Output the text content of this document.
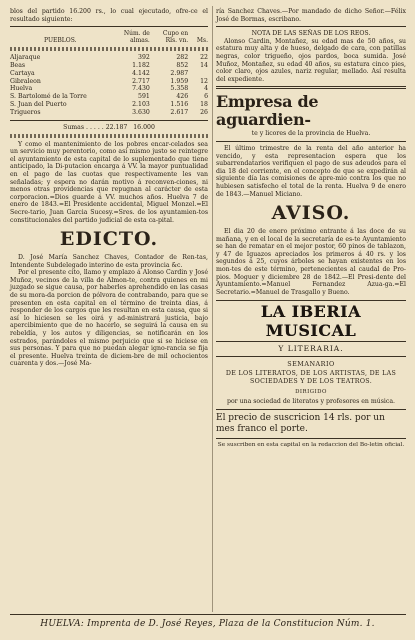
blos del partido 16.200 rs., lo cual ejecutado, ofre-ce el resultado siguiente:

PUEBLOS.	Núm. de
almas.	Cupo en
Rls. vn.	Ms.

Aljaraque	392	282	22
Beas	1.182	852	14
Cartaya	4.142	2.987	
Gibraleon	2.717	1.959	12
Huelva	7.430	5.358	4
S. Bartolomé de la Torre	591	426	6
S. Juan del Puerto	2.103	1.516	18
Trigueros	3.630	2.617	26
Sumas . . . . . 22.187 16.000

Y como el mantenimiento de los pobres encar-celados sea un servicio muy perentorio, como así mismo justo se reintegre el ayuntamiento de esta capital de lo suplementado que tiene anticipado, la Di-putacion encarga á VV. la mayor puntualidad en el pago de las cuotas que respectivamente les van señaladas; y espera no darán motivo á reconven-ciones, ni menos otras providencias que repugnan al carácter de esta corporacion.=Dios guarde á VV. muchos años. Huelva 7 de enero de 1843.=El Presidente accidental, Miguel Monzel.=El Secre-tario, Juan Garcia Sucesy.=Sres. de los ayuntamien-tos constitucionales del partido judicial de esta ca-pital.

EDICTO.

D. José María Sanchez Chaves, Contador de Ren-tas, Intendente Subdelegado interino de esta provincia &c.

Por el presente cito, llamo y emplazo á Alonso Cardin y José Muñoz, vecinos de la villa de Almon-te, contra quienes en mi juzgado se sigue causa, por haberles aprehendido en las casas de su mora-da porcion de pólvora de contrabando, para que se presenten en esta capital en el término de treinta dias, á responder de los cargos que les resultan en esta causa, que si así lo hiciesen se les oirá y ad-ministrará justicia, bajo apercibimiento que de no hacerlo, se seguirá la causa en su rebeldía, y los autos y diligencias, se notificarán en los estrados, parándoles el mismo perjuicio que si se hiciese en sus personas. Y para que no puedan alegar igno-rancia se fija el presente. Huelva treinta de diciem-bre de mil ochocientos cuarenta y dos.—José Ma-

ría Sanchez Chaves.—Por mandado de dicho Señor.—Félix José de Bormas, escribano.

NOTA DE LAS SEÑAS DE LOS REOS.

Alonso Cardin, Montañez, su edad mas de 50 años, su estatura muy alta y de hueso, delgado de cara, con patillas negras, color trigueño, ojos pardos, boca sumida. José Muñoz, Montañez, su edad 40 años, su estatura cinco pies, color claro, ojos azules, nariz regular, mellado. Así resulta del expediente.

Empresa de aguardien-

te y licores de la provincia de Huelva.

El último trimestre de la renta del año anterior ha vencido, y esta representacion espera que los subarrendatarios verifiquen el pago de sus adeudos para el dia 18 del corriente, en el concepto de que se expedirán al siguiente día las comisiones de apre-mio contra los que no hubiesen satisfecho el total de la renta. Huelva 9 de enero de 1843.—Manuel Miciano.

AVISO.

El dia 20 de enero próximo entrante á las doce de su mañana, y en el local de la secretaría de es-te Ayuntamiento se han de rematar en el mejor postor, 60 pinos de tablazon, y 47 de Iguazos apreciados los primeros á 40 rs. y los segundos á 25, cuyos árboles se hayan existentes en los mon-tes de este término, pertenecientes al caudal de Pro-pios. Moguer y diciembre 28 de 1842.—El Presi-dente del Ayuntamiento.=Manuel Fernandez Azua-ga.=El Secretario.=Manuel de Trasgallo y Bueno.

LA IBERIA MUSICAL
Y LITERARIA.
SEMANARIO
DE LOS LITERATOS, DE LOS ARTISTAS, DE LAS SOCIEDADES Y DE LOS TEATROS.
DIRIGIDO
por una sociedad de literatos y profesores en música.
El precio de suscricion 14 rls. por un mes franco el porte.
Se suscriben en esta capital en la redaccion del Bo-letin oficial.
HUELVA: Imprenta de D. José Reyes, Plaza de la Constitucion Núm. 1.
